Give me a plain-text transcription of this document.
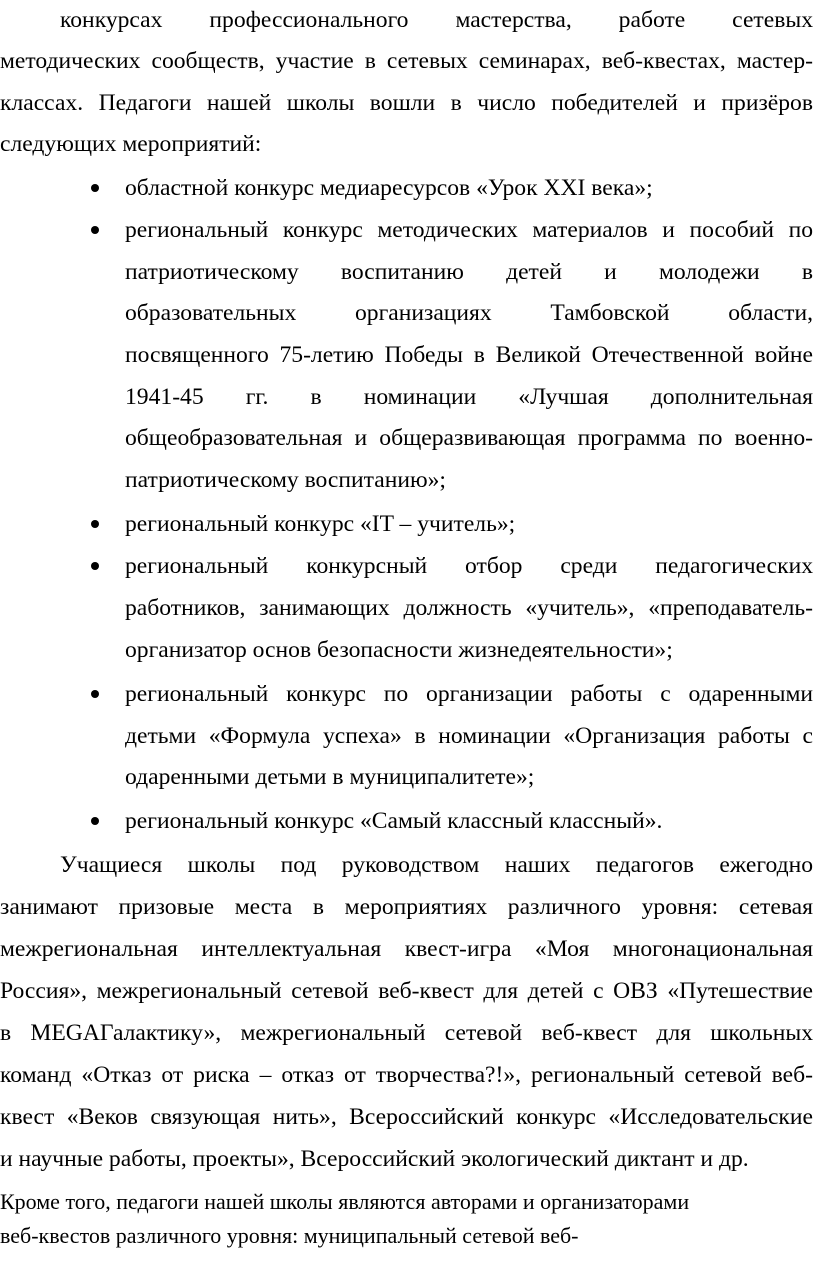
конкурсах профессионального мастерства, работе сетевых
методических сообществ, участие в сетевых семинарах, веб-квестах, мастер-
классах. Педагоги нашей школы вошли в число победителей и призёров
следующих мероприятий:
областной конкурс медиаресурсов «Урок XXI века»;
региональный конкурс методических материалов и пособий по
патриотическому воспитанию детей и молодежи в
образовательных организациях Тамбовской области,
посвященного 75-летию Победы в Великой Отечественной войне
1941-45 гг. в номинации «Лучшая дополнительная
общеобразовательная и общеразвивающая программа по военно-
патриотическому воспитанию»;
региональный конкурс «IT – учитель»;
региональный конкурсный отбор среди педагогических
работников, занимающих должность «учитель», «преподаватель-
организатор основ безопасности жизнедеятельности»;
региональный конкурс по организации работы с одаренными
детьми «Формула успеха» в номинации «Организация работы с
одаренными детьми в муниципалитете»;
региональный конкурс «Самый классный классный».
Учащиеся школы под руководством наших педагогов ежегодно
занимают призовые места в мероприятиях различного уровня: сетевая
межрегиональная интеллектуальная квест-игра «Моя многонациональная
Россия», межрегиональный сетевой веб-квест для детей с ОВЗ «Путешествие
в MEGAГалактику», межрегиональный сетевой веб-квест для школьных
команд «Отказ от риска – отказ от творчества?!», региональный сетевой веб-
квест «Веков связующая нить», Всероссийский конкурс «Исследовательские
и научные работы, проекты», Всероссийский экологический диктант и др.
Кроме того, педагоги нашей школы являются авторами и организаторами
веб-квестов различного уровня: муниципальный сетевой веб-
